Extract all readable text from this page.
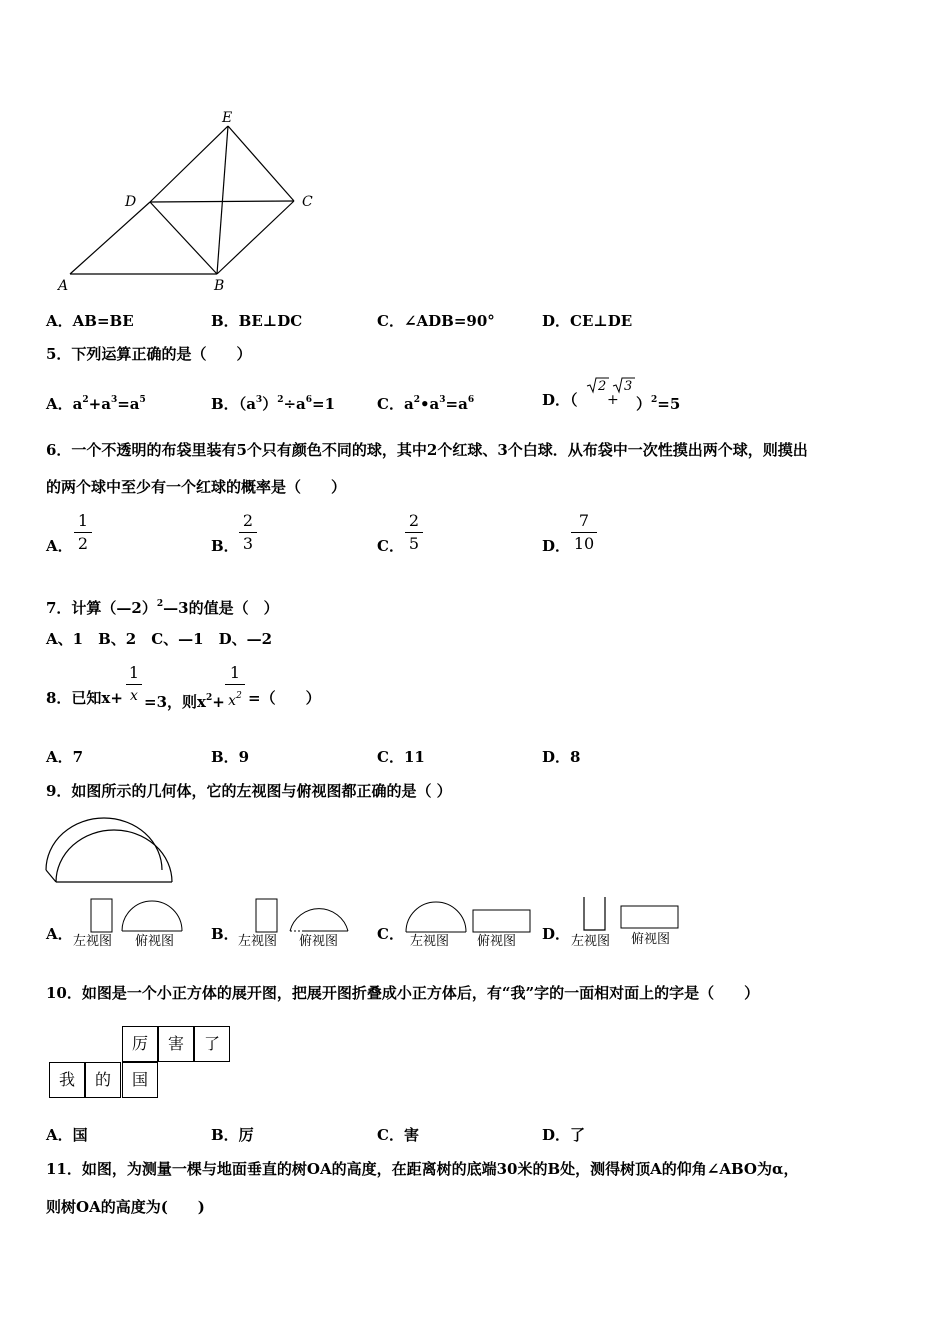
E
D	C
A	B
A．AB=BE	B．BE⊥DC	C．∠ADB=90°	D．CE⊥DE
5．下列运算正确的是（　　）
A．$a^2+a^3=a^5$	B．$(a^3)^2\div a^6=1$	C．$a^2•a^3=a^6$	D．（
2
+
3
）$^2$=5
6．一个不透明的布袋里装有5个只有颜色不同的球，其中2个红球、3个白球．从布袋中一次性摸出两个球，则摸出
的两个球中至少有一个红球的概率是（　　）
A． $\frac{1}{2}$	B． $\frac{2}{3}$	C． $\frac{2}{5}$	D． $\frac{7}{10}$
7．计算（—2）$^2$—3的值是（　）
A、1　B、2　C、—1　D、—2
8．已知$x+ \frac{1}{x} =3$，则$x^2+ \frac{1}{x^2}$ =（　　）
A．7	B．9	C．11	D．8
9．如图所示的几何体，它的左视图与俯视图都正确的是（ ）
A． 左视图 俯视图 B． 左视图 俯视图	C． 左视图 俯视图 D． 左视图 俯视图
10．如图是一个小正方体的展开图，把展开图折叠成小正方体后，有“我”字的一面相对面上的字是（　　）
厉	害	了
我	的	国
A．国	B．厉	C．害	D．了
11．如图，为测量一棵与地面垂直的树OA的高度，在距离树的底端30米的B处，测得树顶A的仰角∠ABO为α，
则树OA的高度为(　　)
